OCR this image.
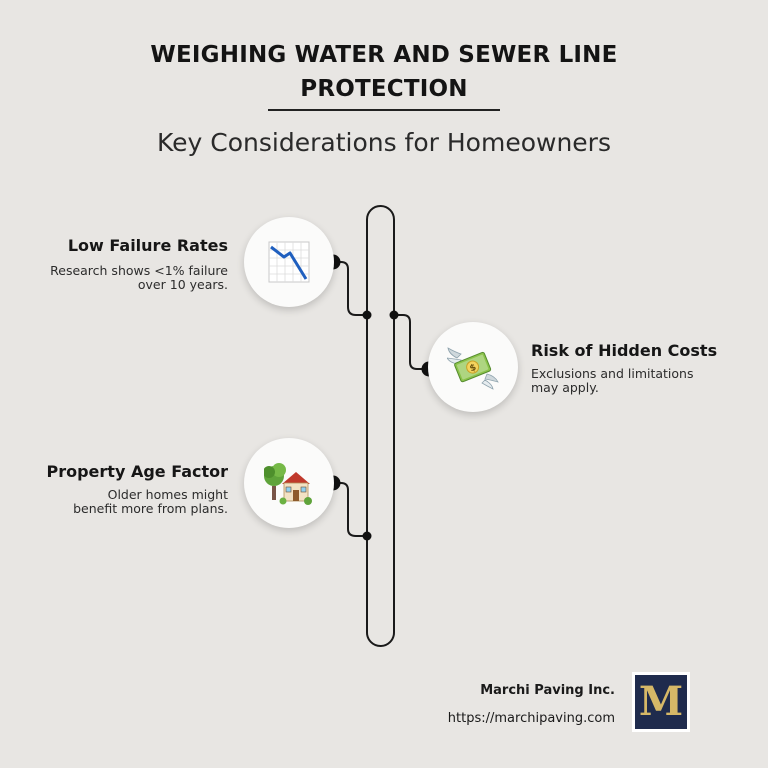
WEIGHING WATER AND SEWER LINE
PROTECTION
Key Considerations for Homeowners
Low Failure Rates
Research shows <1% failure
over 10 years.
$
Risk of Hidden Costs
Exclusions and limitations
may apply.
Property Age Factor
Older homes might
benefit more from plans.
Marchi Paving Inc.
https://marchipaving.com M
